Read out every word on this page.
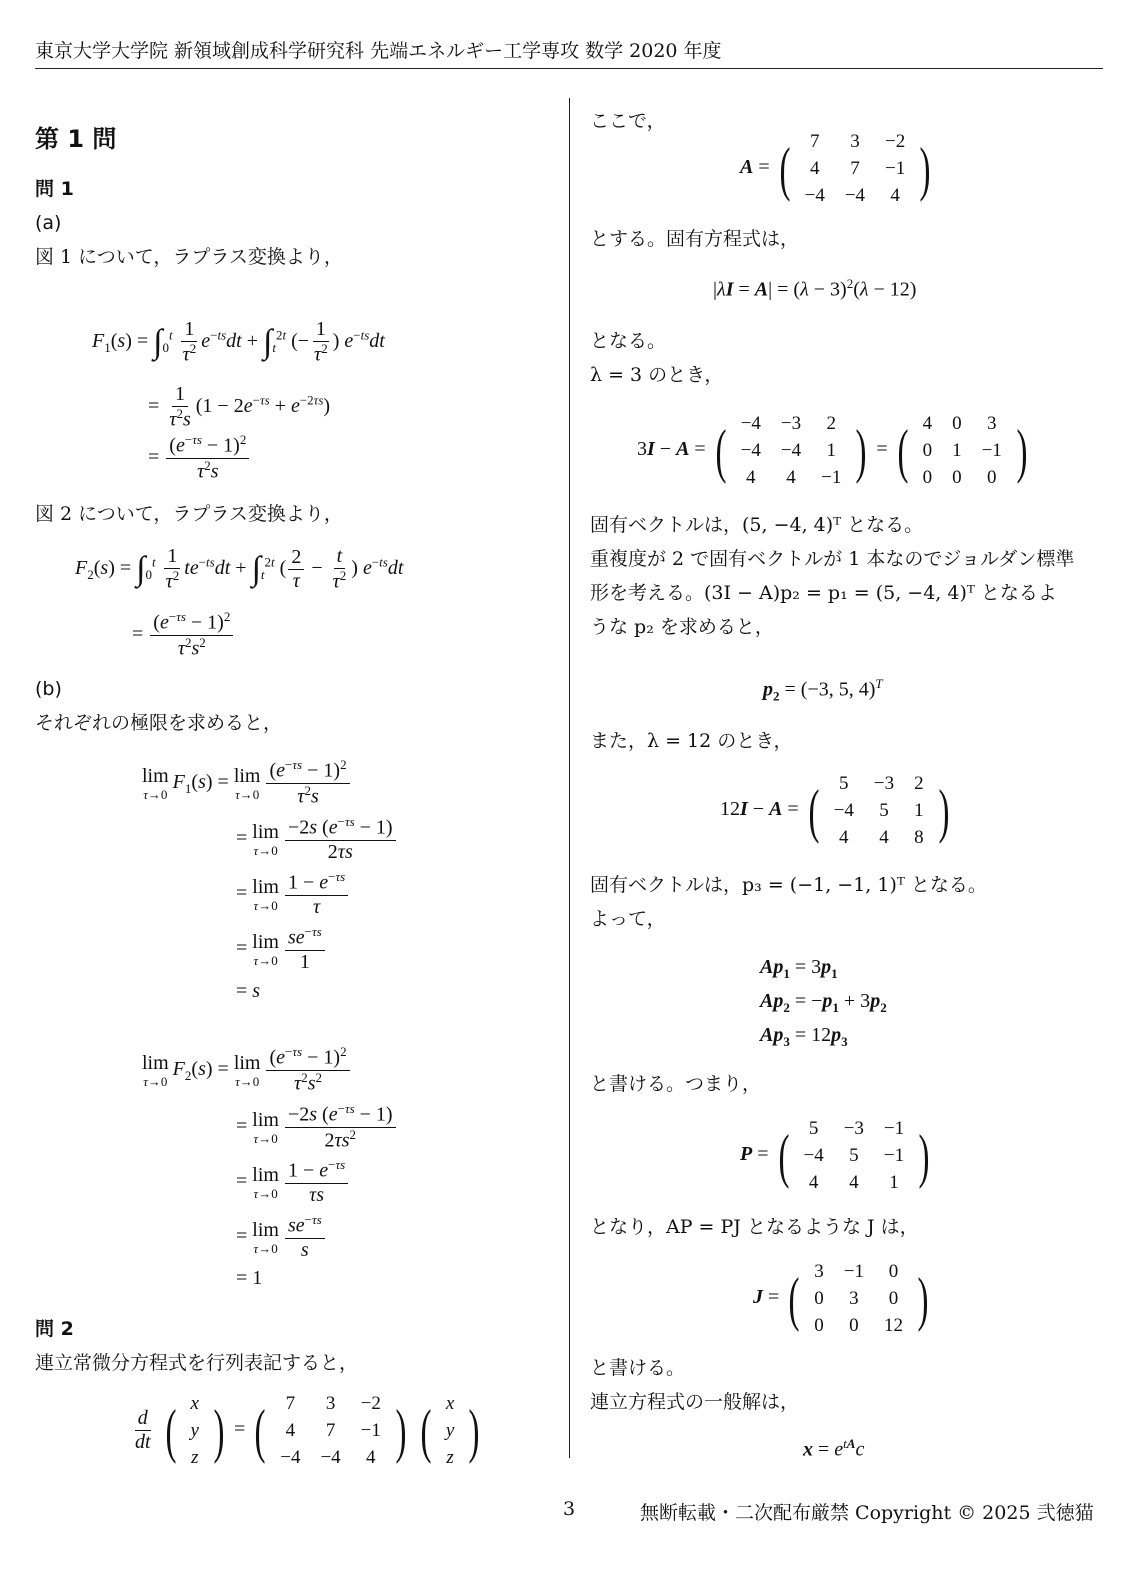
東京大学大学院 新領域創成科学研究科 先端エネルギー工学専攻 数学 2020 年度
第 1 問
問 1
(a)
図 1 について，ラプラス変換より，
$F_1(s) = \int_0^t \frac{1}{\tau^2} e^{-ts}dt + \int_t^{2t}$ (− $\frac{1}{\tau^2}$ ) $e^{-ts}dt$
= $\frac{1}{\tau^2s} (1 - 2e^{-\tau s} + e^{-2\tau s})$
= $\frac{(e^{-\tau s} - 1)^2}{\tau^2s}$
図 2 について，ラプラス変換より，
$F_2(s) = \int_0^t \frac{1}{\tau^2} te^{-ts}dt + \int_t^{2t}$ ( $\frac{2}{\tau} - \frac{t}{\tau^2}$ ) $e^{-ts}dt$
= $\frac{(e^{-\tau s} - 1)^2}{\tau^2s^2}$
(b)
それぞれの極限を求めると，
lim
τ→0
$F_1(s) = \lim$
$\tau\to 0 \frac{(e^{-\tau s} - 1)^2}{\tau^2s}$
= lim
$\tau\to 0 \frac{-2s (e^{-\tau s} - 1)}{2\tau s}$
= lim
$\tau\to 0 \frac{1 - e^{-\tau s}}{\tau}$
= lim
$\tau\to 0 \frac{se^{-\tau s}}{1}$
= s
lim
τ→0
$F_2(s) = \lim$
$\tau\to 0 \frac{(e^{-\tau s} - 1)^2}{\tau^2s^2}$
= lim
$\tau\to 0 \frac{-2s (e^{-\tau s} - 1)}{2\tau s^2}$
= lim
$\tau\to 0 \frac{1 - e^{-\tau s}}{\tau s}$
= lim
$\tau\to 0 \frac{se^{-\tau s}}{s}$
= 1
問 2
連立常微分方程式を行列表記すると，
$\frac{d}{dt}$
( x
y
z ) = ( 7	3	−2
4	7	−1
−4	−4	4 )
( x
y
z )
ここで，
A = ( 7	3	−2
4	7	−1
−4	−4	4 )
とする。固有方程式は，
$|\lambda I = A| = (\lambda - 3)^2(\lambda - 12)$
となる。
λ = 3 のとき，
3I − A = ( −4	−3	2
−4	−4	1
4	4	−1 ) = ( 4	0	3
0	1	−1
0	0	0 )
固有ベクトルは，(5, −4, 4)ᵀ となる。
重複度が 2 で固有ベクトルが 1 本なのでジョルダン標準
形を考える。(3I − A)p₂ = p₁ = (5, −4, 4)ᵀ となるよ
うな p₂ を求めると，
$p_2 = (-3$, 5, 4)$^T$
また，λ = 12 のとき，
12I − A = ( 5	−3	2
−4	5	1
4	4	8 )
固有ベクトルは，p₃ = (−1, −1, 1)ᵀ となる。
よって，
$Ap_1 = 3p_1$
$Ap_2 = -p_1 + 3p_2$
$Ap_3 = 12p_3$
と書ける。つまり，
P = ( 5	−3	−1
−4	5	−1
4	4	1 )
となり，AP = PJ となるような J は，
J = ( 3	−1	0
0	3	0
0	0	12 )
と書ける。
連立方程式の一般解は，
$x = e^{tA}c$
3	無断転載・二次配布厳禁 Copyright © 2025 弐徳猫
